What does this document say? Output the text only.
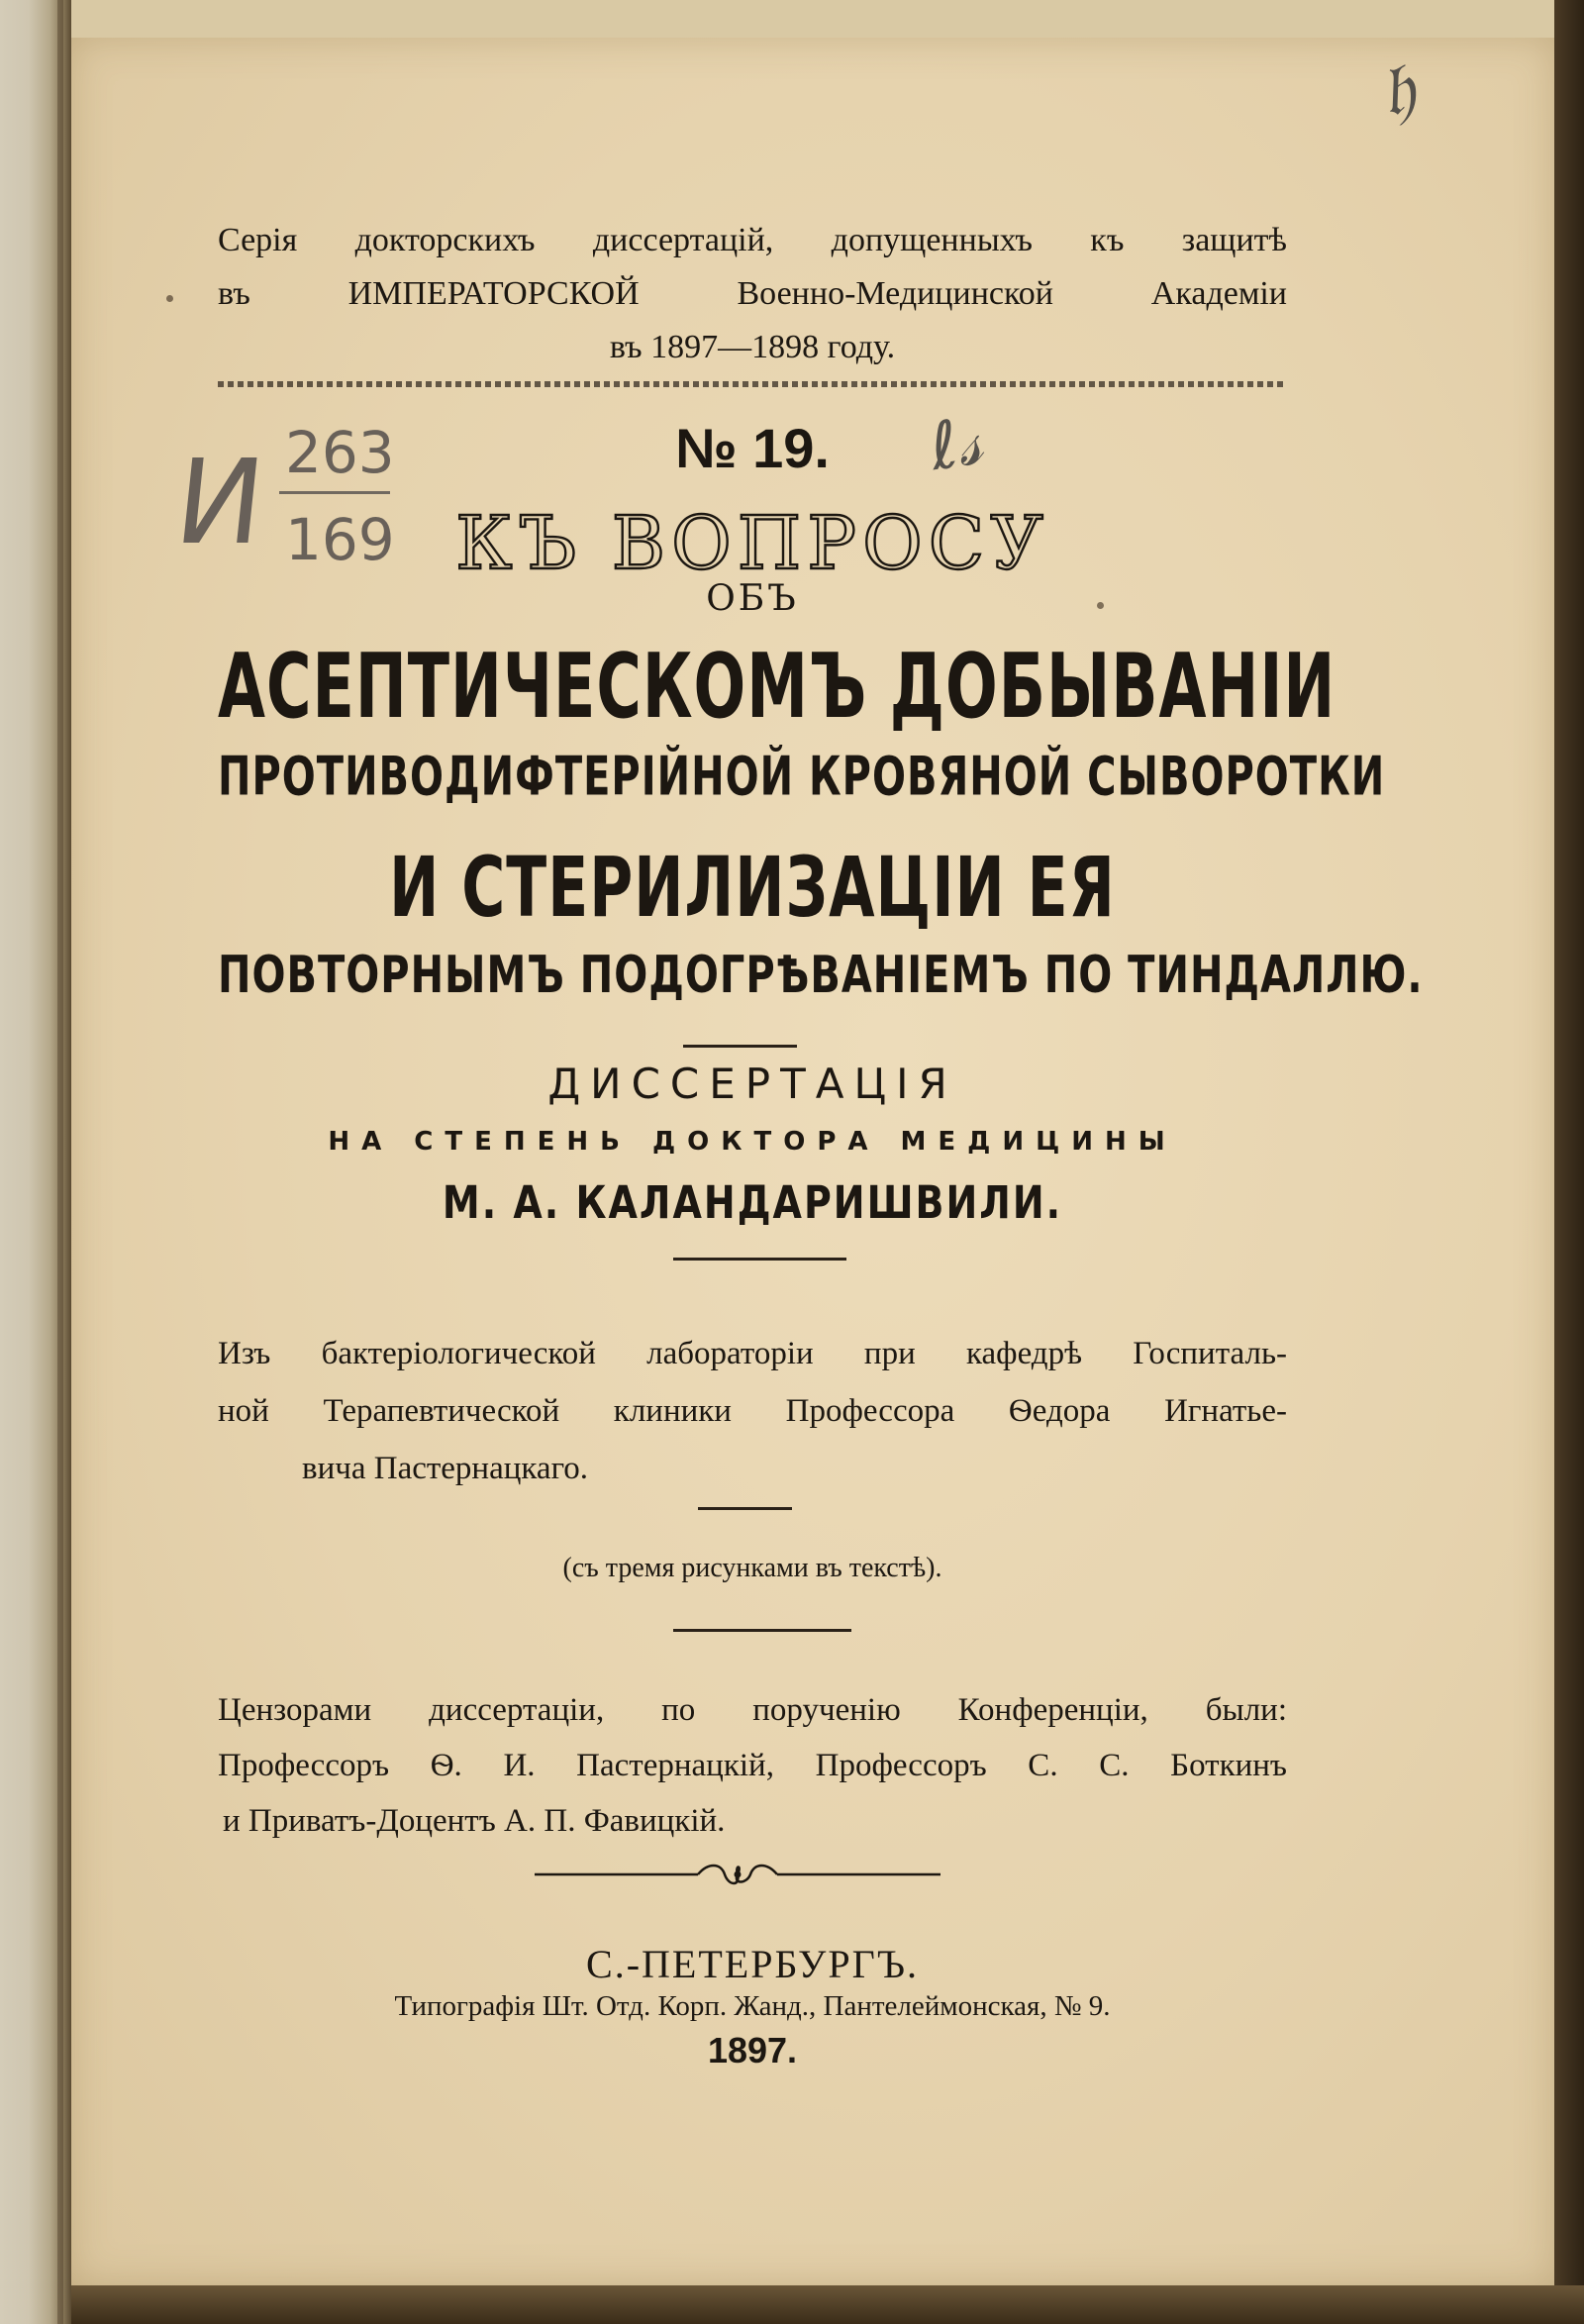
𝔥
И 263
169
ℓ𝓈
Серія докторскихъ диссертацій, допущенныхъ къ защитѣ
въ ИМПЕРАТОРСКОЙ Военно-Медицинской Академіи
въ 1897—1898 году.
№ 19.
КЪ ВОПРОСУ
ОБЪ
АСЕПТИЧЕСКОМЪ ДОБЫВАНІИ
ПРОТИВОДИФТЕРІЙНОЙ КРОВЯНОЙ СЫВОРОТКИ
И СТЕРИЛИЗАЦІИ ЕЯ
ПОВТОРНЫМЪ ПОДОГРѢВАНІЕМЪ ПО ТИНДАЛЛЮ.
ДИССЕРТАЦІЯ
НА СТЕПЕНЬ ДОКТОРА МЕДИЦИНЫ
М. А. КАЛАНДАРИШВИЛИ.
Изъ бактеріологической лабораторіи при кафедрѣ Госпиталь-
ной Терапевтической клиники Профессора Ѳедора Игнатье-
вича Пастернацкаго.
(съ тремя рисунками въ текстѣ).
Цензорами диссертаціи, по порученію Конференціи, были:
Профессоръ Ѳ. И. Пастернацкій, Профессоръ С. С. Боткинъ
и Приватъ-Доцентъ А. П. Фавицкій.
С.-ПЕТЕРБУРГЪ.
Типографія Шт. Отд. Корп. Жанд., Пантелеймонская, № 9.
1897.
